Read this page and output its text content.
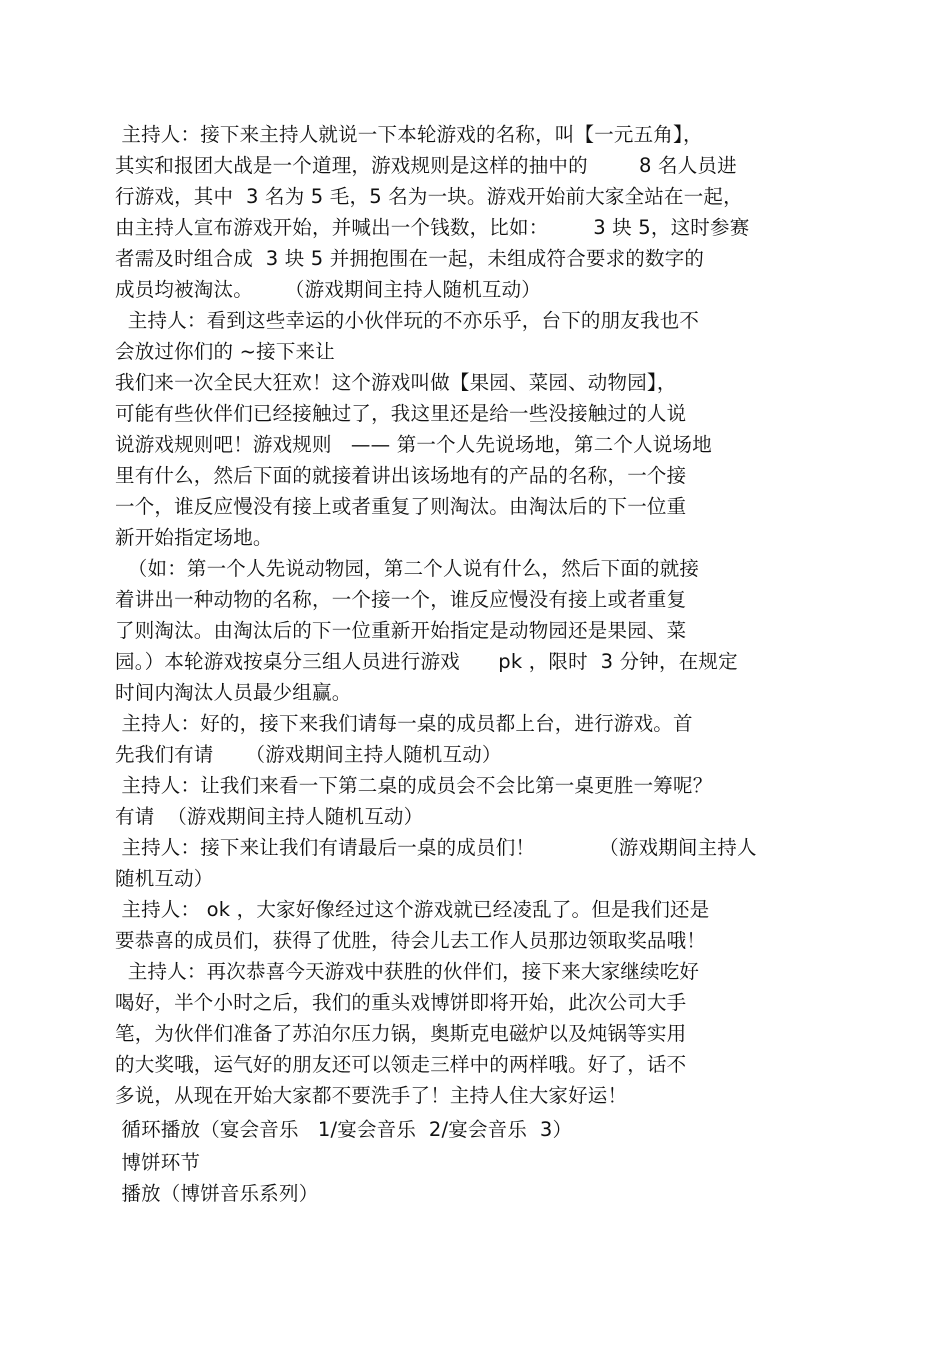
主持人：接下来主持人就说一下本轮游戏的名称，叫【一元五角】，
其实和报团大战是一个道理，游戏规则是这样的抽中的        8 名人员进
行游戏，其中  3 名为 5 毛，5 名为一块。游戏开始前大家全站在一起，
由主持人宣布游戏开始，并喊出一个钱数，比如：       3 块 5，这时参赛
者需及时组合成  3 块 5 并拥抱围在一起，未组成符合要求的数字的
成员均被淘汰。     （游戏期间主持人随机互动）
主持人：看到这些幸运的小伙伴玩的不亦乐乎，台下的朋友我也不
会放过你们的 ~接下来让
我们来一次全民大狂欢！这个游戏叫做【果园、菜园、动物园】，
可能有些伙伴们已经接触过了，我这里还是给一些没接触过的人说
说游戏规则吧！游戏规则   —— 第一个人先说场地，第二个人说场地
里有什么，然后下面的就接着讲出该场地有的产品的名称，一个接
一个，谁反应慢没有接上或者重复了则淘汰。由淘汰后的下一位重
新开始指定场地。
（如：第一个人先说动物园，第二个人说有什么，然后下面的就接
着讲出一种动物的名称，一个接一个，谁反应慢没有接上或者重复
了则淘汰。由淘汰后的下一位重新开始指定是动物园还是果园、菜
园。）本轮游戏按桌分三组人员进行游戏      pk ，限时  3 分钟，在规定
时间内淘汰人员最少组赢。
主持人：好的，接下来我们请每一桌的成员都上台，进行游戏。首
先我们有请     （游戏期间主持人随机互动）
主持人：让我们来看一下第二桌的成员会不会比第一桌更胜一筹呢？
有请  （游戏期间主持人随机互动）
主持人：接下来让我们有请最后一桌的成员们！          （游戏期间主持人
随机互动）
主持人： ok ，大家好像经过这个游戏就已经凌乱了。但是我们还是
要恭喜的成员们，获得了优胜，待会儿去工作人员那边领取奖品哦！
主持人：再次恭喜今天游戏中获胜的伙伴们，接下来大家继续吃好
喝好，半个小时之后，我们的重头戏博饼即将开始，此次公司大手
笔，为伙伴们准备了苏泊尔压力锅，奥斯克电磁炉以及炖锅等实用
的大奖哦，运气好的朋友还可以领走三样中的两样哦。好了，话不
多说，从现在开始大家都不要洗手了！主持人住大家好运！
循环播放（宴会音乐   1/宴会音乐  2/宴会音乐  3）
博饼环节
播放（博饼音乐系列）
